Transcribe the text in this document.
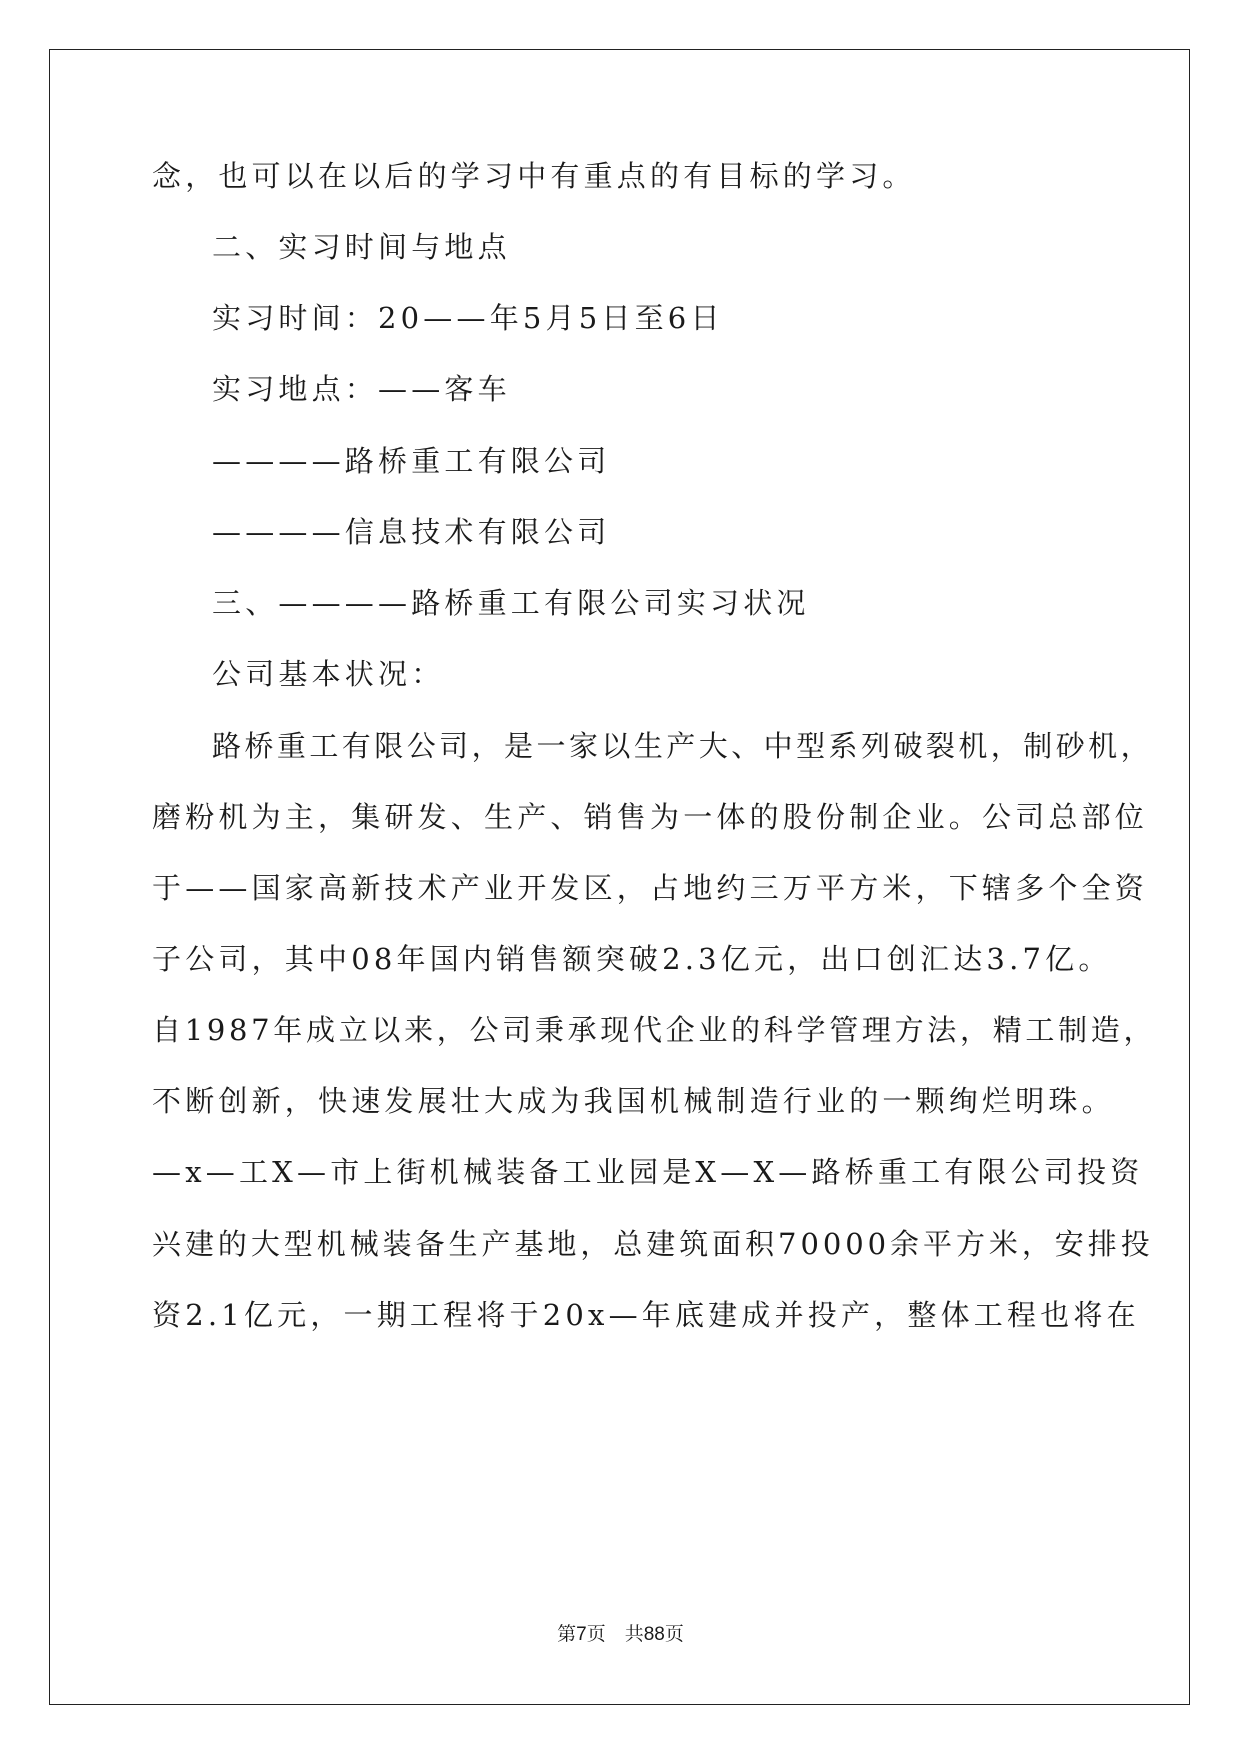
念，也可以在以后的学习中有重点的有目标的学习。
二、实习时间与地点
实习时间：20——年5月5日至6日
实习地点：——客车
————路桥重工有限公司
————信息技术有限公司
三、————路桥重工有限公司实习状况
公司基本状况：
路桥重工有限公司，是一家以生产大、中型系列破裂机，制砂机，
磨粉机为主，集研发、生产、销售为一体的股份制企业。公司总部位
于——国家高新技术产业开发区，占地约三万平方米，下辖多个全资
子公司，其中08年国内销售额突破2.3亿元，出口创汇达3.7亿。
自1987年成立以来，公司秉承现代企业的科学管理方法，精工制造，
不断创新，快速发展壮大成为我国机械制造行业的一颗绚烂明珠。
—x—工X—市上街机械装备工业园是X—X—路桥重工有限公司投资
兴建的大型机械装备生产基地，总建筑面积70000余平方米，安排投
资2.1亿元，一期工程将于20x—年底建成并投产，整体工程也将在
第7页　共88页
